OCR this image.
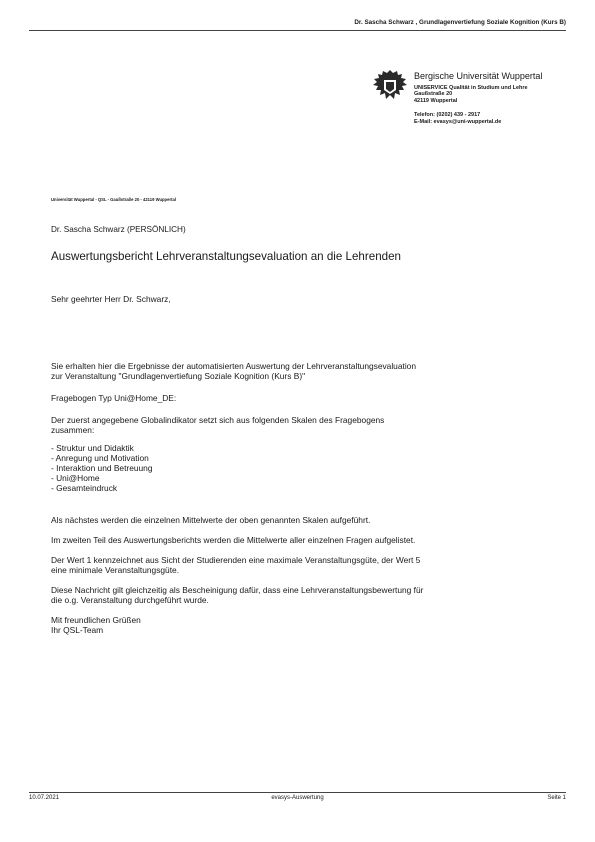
Dr. Sascha Schwarz , Grundlagenvertiefung Soziale Kognition (Kurs B)
Bergische Universität Wuppertal
UNISERVICE Qualität in Studium und Lehre
Gaußstraße 20
42119 Wuppertal
Telefon: (0202) 439 - 2917
E-Mail: evasys@uni-wuppertal.de
Universität Wuppertal - QSL - Gaußstraße 20 - 42119 Wuppertal
Dr. Sascha Schwarz (PERSÖNLICH)
Auswertungsbericht Lehrveranstaltungsevaluation an die Lehrenden
Sehr geehrter Herr Dr. Schwarz,

Sie erhalten hier die Ergebnisse der automatisierten Auswertung der Lehrveranstaltungsevaluation
zur Veranstaltung "Grundlagenvertiefung Soziale Kognition (Kurs B)"

Fragebogen Typ Uni@Home_DE:

Der zuerst angegebene Globalindikator setzt sich aus folgenden Skalen des Fragebogens
zusammen:

- Struktur und Didaktik
- Anregung und Motivation
- Interaktion und Betreuung
- Uni@Home
- Gesamteindruck

Als nächstes werden die einzelnen Mittelwerte der oben genannten Skalen aufgeführt.

Im zweiten Teil des Auswertungsberichts werden die Mittelwerte aller einzelnen Fragen aufgelistet.

Der Wert 1 kennzeichnet aus Sicht der Studierenden eine maximale Veranstaltungsgüte, der Wert 5
eine minimale Veranstaltungsgüte.

Diese Nachricht gilt gleichzeitig als Bescheinigung dafür, dass eine Lehrveranstaltungsbewertung für
die o.g. Veranstaltung durchgeführt wurde.

Mit freundlichen Grüßen
Ihr QSL-Team

10.07.2021	evasys-Auswertung	Seite 1
